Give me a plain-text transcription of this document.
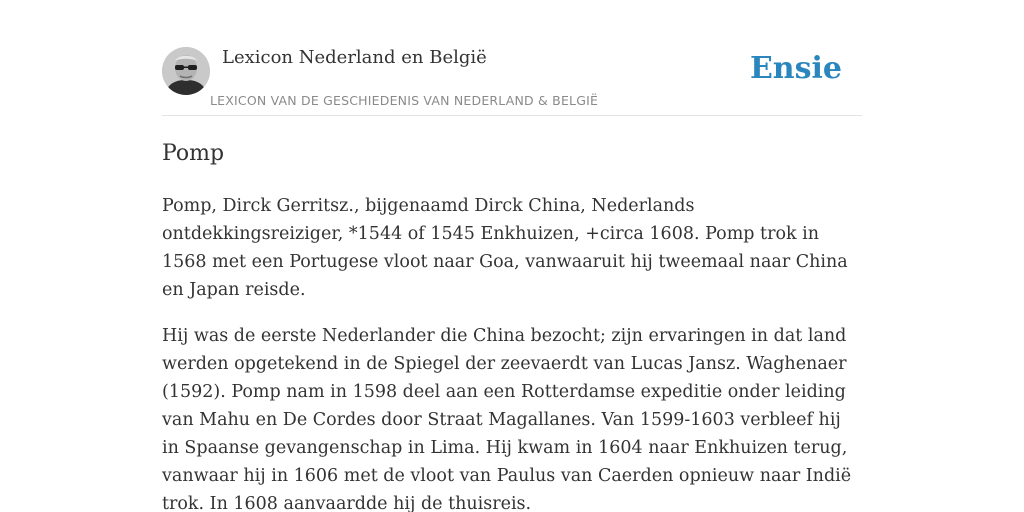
Lexicon Nederland en België
LEXICON VAN DE GESCHIEDENIS VAN NEDERLAND & BELGIË
Ensie
Pomp

Pomp, Dirck Gerritsz., bijgenaamd Dirck China, Nederlands ontdekkingsreiziger, *1544 of 1545 Enkhuizen, +circa 1608. Pomp trok in 1568 met een Portugese vloot naar Goa, vanwaaruit hij tweemaal naar China en Japan reisde.

Hij was de eerste Nederlander die China bezocht; zijn ervaringen in dat land werden opgetekend in de Spiegel der zeevaerdt van Lucas Jansz. Waghenaer (1592). Pomp nam in 1598 deel aan een Rotterdamse expeditie onder leiding van Mahu en De Cordes door Straat Magallanes. Van 1599-1603 verbleef hij in Spaanse gevangenschap in Lima. Hij kwam in 1604 naar Enkhuizen terug, vanwaar hij in 1606 met de vloot van Paulus van Caerden opnieuw naar Indië trok. In 1608 aanvaardde hij de thuisreis.
